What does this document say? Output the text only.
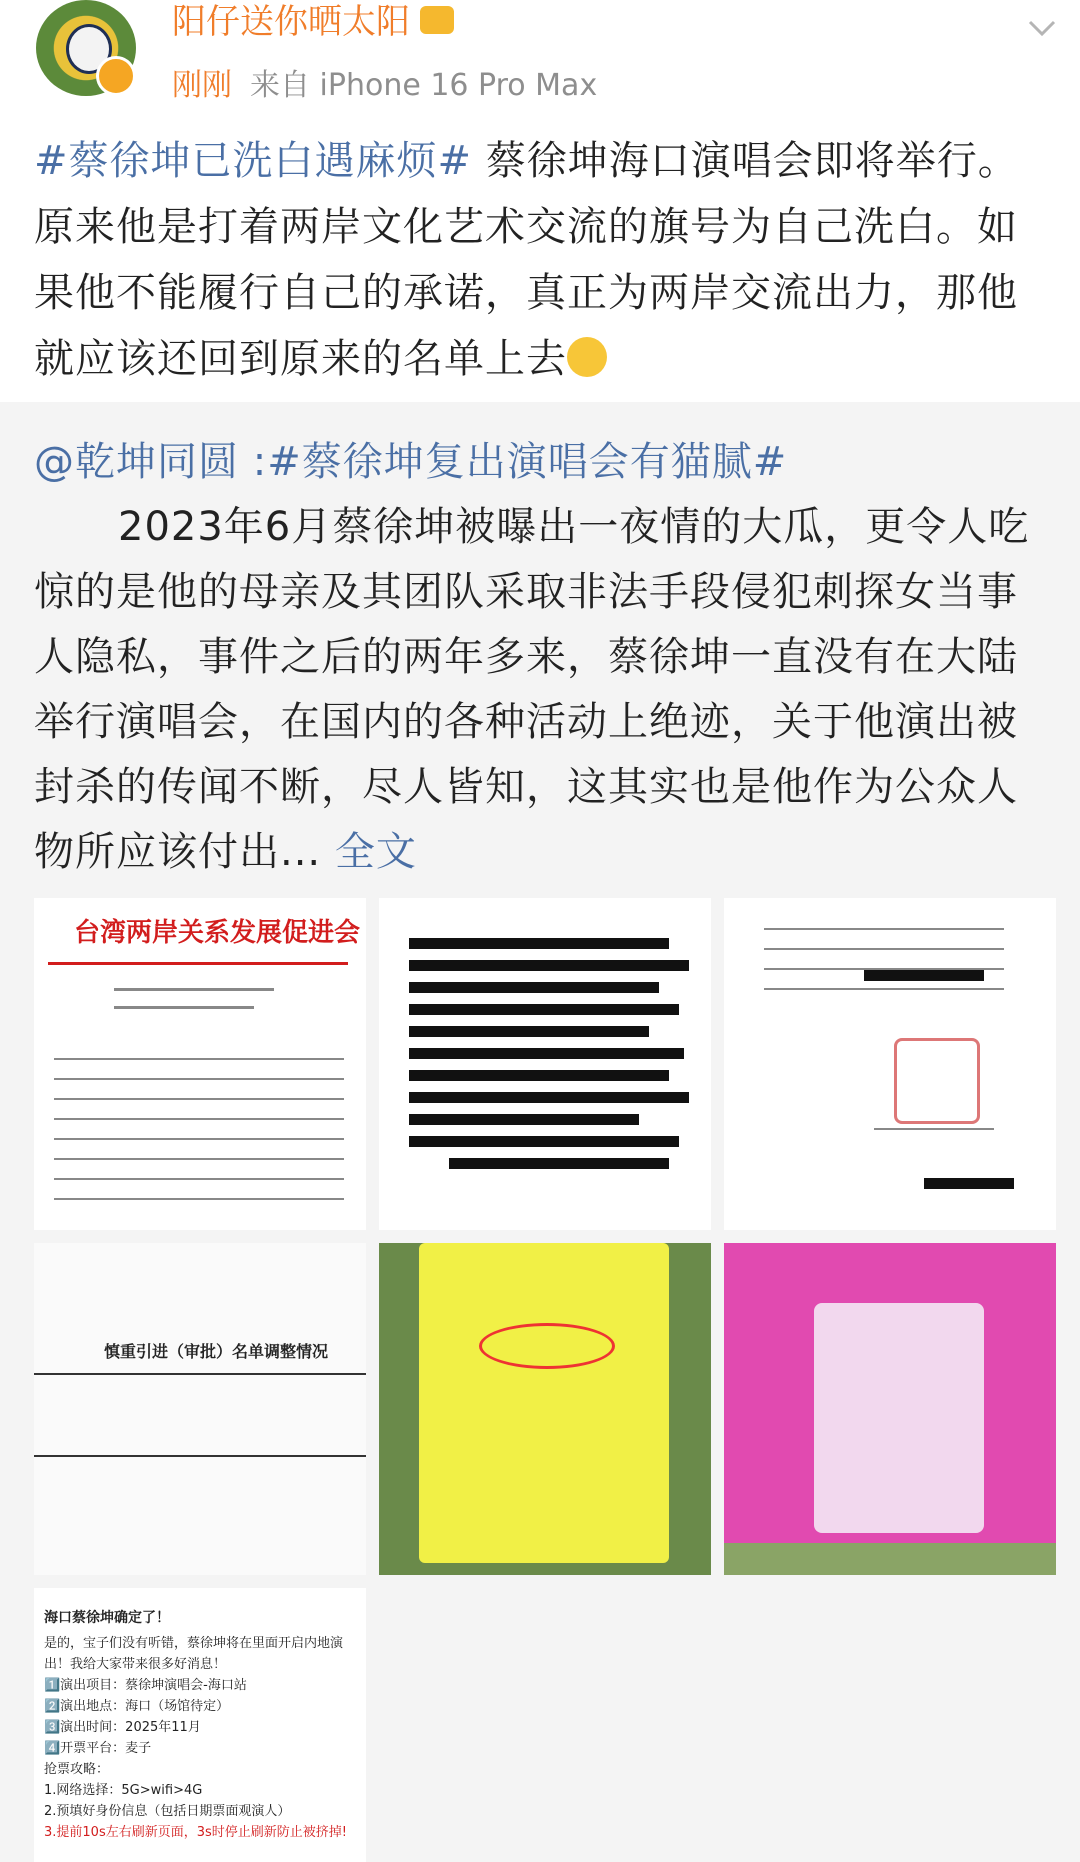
阳仔送你晒太阳
刚刚 来自 iPhone 16 Pro Max
#蔡徐坤已洗白遇麻烦# 蔡徐坤海口演唱会即将举行。原来他是打着两岸文化艺术交流的旗号为自己洗白。如果他不能履行自己的承诺，真正为两岸交流出力，那他就应该还回到原来的名单上去
@乾坤同圆 :#蔡徐坤复出演唱会有猫腻#
2023年6月蔡徐坤被曝出一夜情的大瓜，更令人吃惊的是他的母亲及其团队采取非法手段侵犯刺探女当事人隐私，事件之后的两年多来，蔡徐坤一直没有在大陆举行演唱会，在国内的各种活动上绝迹，关于他演出被封杀的传闻不断，尽人皆知，这其实也是他作为公众人物所应该付出... 全文
台湾两岸关系发展促进会
慎重引进（审批）名单调整情况
海口蔡徐坤确定了！
是的，宝子们没有听错，蔡徐坤将在里面开启内地演出！我给大家带来很多好消息！
1️⃣演出项目：蔡徐坤演唱会-海口站
2️⃣演出地点：海口（场馆待定）
3️⃣演出时间：2025年11月
4️⃣开票平台：麦子
抢票攻略：
1.网络选择：5G>wifi>4G
2.预填好身份信息（包括日期票面观演人）
3.提前10s左右刷新页面，3s时停止刷新防止被挤掉!
